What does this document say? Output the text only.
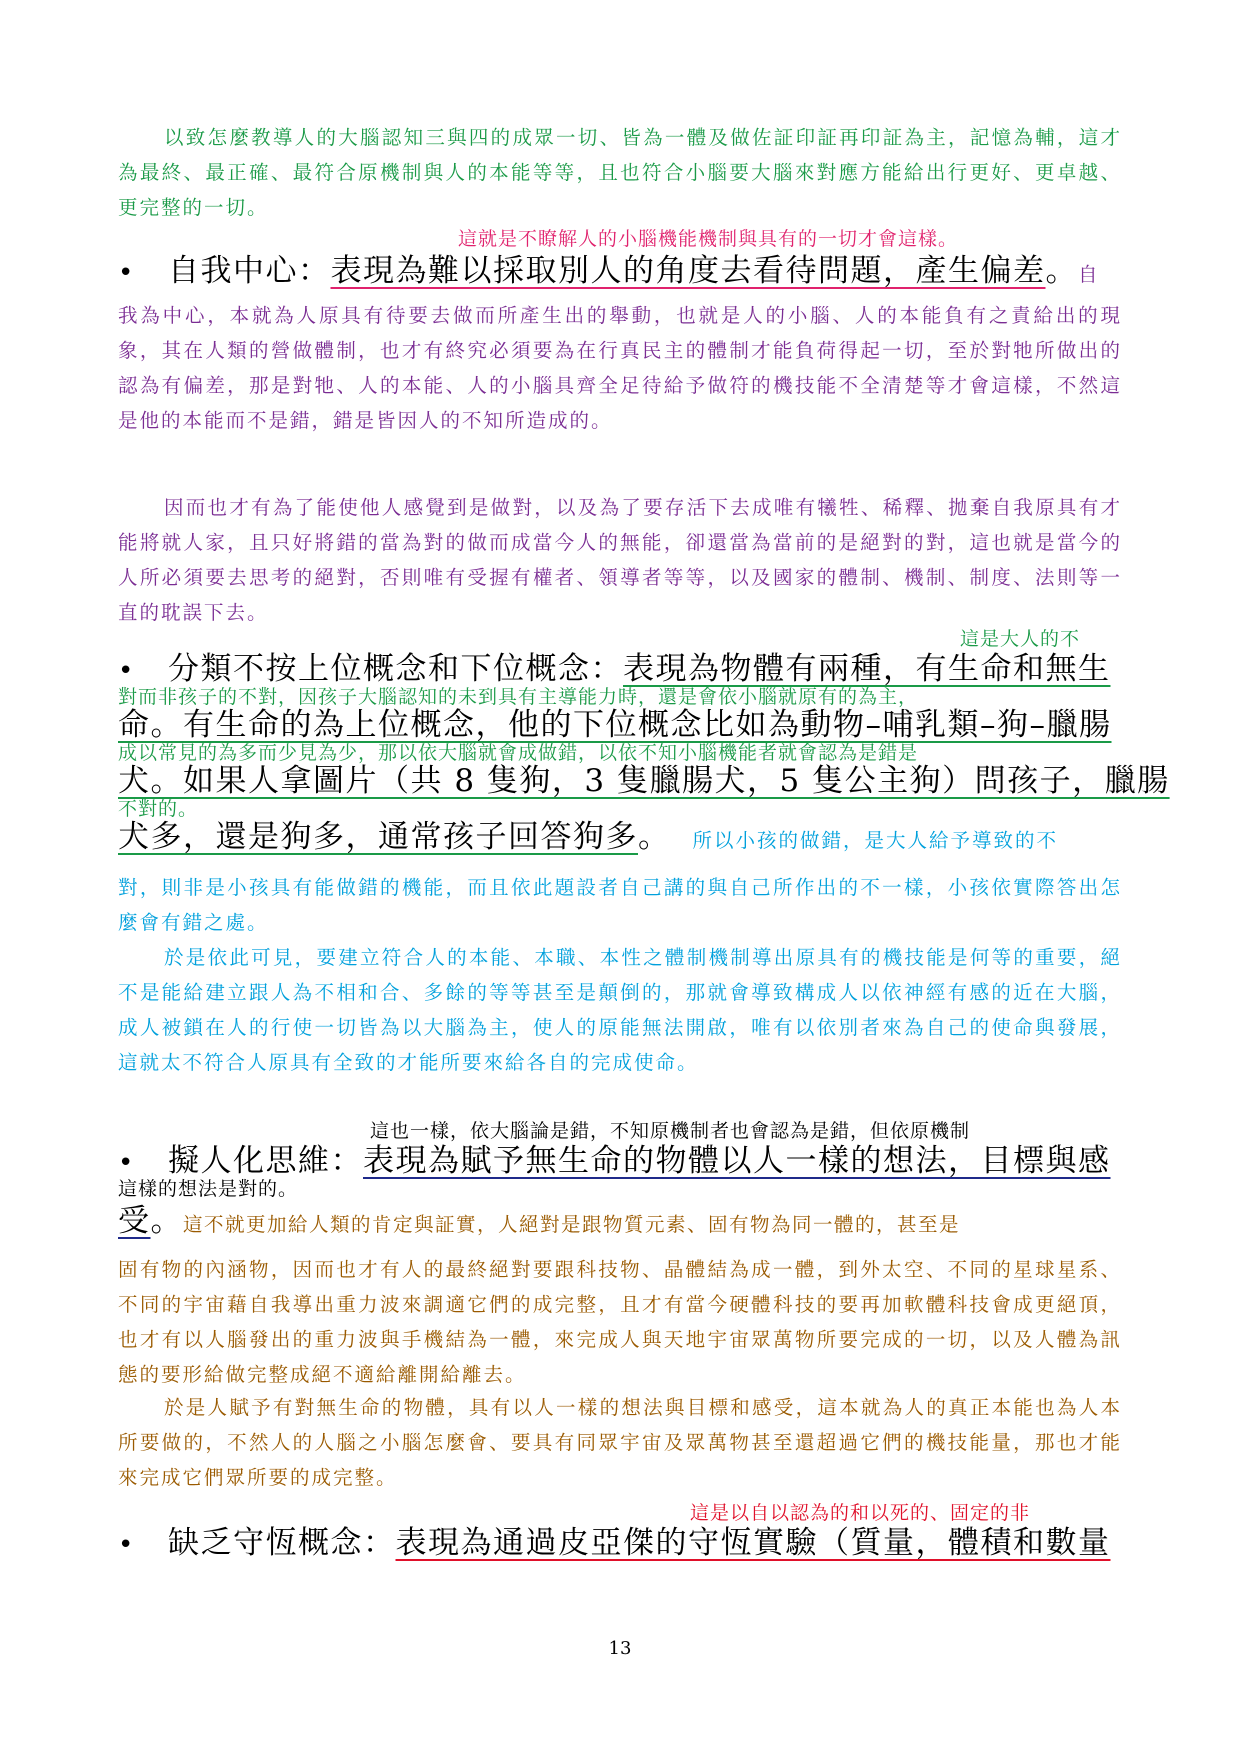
以致怎麼教導人的大腦認知三與四的成眾一切、皆為一體及做佐証印証再印証為主，記憶為輔，這才為最終、最正確、最符合原機制與人的本能等等，且也符合小腦要大腦來對應方能給出行更好、更卓越、更完整的一切。

這就是不瞭解人的小腦機能機制與具有的一切才會這樣。
• 自我中心：表現為難以採取別人的角度去看待問題，產生偏差。自

我為中心，本就為人原具有待要去做而所產生出的舉動，也就是人的小腦、人的本能負有之責給出的現象，其在人類的營做體制，也才有終究必須要為在行真民主的體制才能負荷得起一切，至於對牠所做出的認為有偏差，那是對牠、人的本能、人的小腦具齊全足待給予做符的機技能不全清楚等才會這樣，不然這是他的本能而不是錯，錯是皆因人的不知所造成的。

因而也才有為了能使他人感覺到是做對，以及為了要存活下去成唯有犧牲、稀釋、拋棄自我原具有才能將就人家，且只好將錯的當為對的做而成當今人的無能，卻還當為當前的是絕對的對，這也就是當今的人所必須要去思考的絕對，否則唯有受握有權者、領導者等等，以及國家的體制、機制、制度、法則等一直的耽誤下去。

這是大人的不
• 分類不按上位概念和下位概念：表現為物體有兩種，有生命和無生
對而非孩子的不對，因孩子大腦認知的未到具有主導能力時，還是會依小腦就原有的為主，
命。有生命的為上位概念，他的下位概念比如為動物–哺乳類–狗–臘腸
成以常見的為多而少見為少，那以依大腦就會成做錯，以依不知小腦機能者就會認為是錯是
犬。如果人拿圖片（共 8 隻狗，3 隻臘腸犬，5 隻公主狗）問孩子，臘腸
不對的。
犬多，還是狗多，通常孩子回答狗多。 所以小孩的做錯，是大人給予導致的不

對，則非是小孩具有能做錯的機能，而且依此題設者自己講的與自己所作出的不一樣，小孩依實際答出怎麼會有錯之處。

於是依此可見，要建立符合人的本能、本職、本性之體制機制導出原具有的機技能是何等的重要，絕不是能給建立跟人為不相和合、多餘的等等甚至是顛倒的，那就會導致構成人以依神經有感的近在大腦，成人被鎖在人的行使一切皆為以大腦為主，使人的原能無法開啟，唯有以依別者來為自己的使命與發展，這就太不符合人原具有全致的才能所要來給各自的完成使命。

這也一樣，依大腦論是錯，不知原機制者也會認為是錯，但依原機制
• 擬人化思維：表現為賦予無生命的物體以人一樣的想法，目標與感
這樣的想法是對的。
受。這不就更加給人類的肯定與証實，人絕對是跟物質元素、固有物為同一體的，甚至是

固有物的內涵物，因而也才有人的最終絕對要跟科技物、晶體結為成一體，到外太空、不同的星球星系、不同的宇宙藉自我導出重力波來調適它們的成完整，且才有當今硬體科技的要再加軟體科技會成更絕頂，也才有以人腦發出的重力波與手機結為一體，來完成人與天地宇宙眾萬物所要完成的一切，以及人體為訊態的要形給做完整成絕不適給離開給離去。

於是人賦予有對無生命的物體，具有以人一樣的想法與目標和感受，這本就為人的真正本能也為人本所要做的，不然人的人腦之小腦怎麼會、要具有同眾宇宙及眾萬物甚至還超過它們的機技能量，那也才能來完成它們眾所要的成完整。

這是以自以認為的和以死的、固定的非
• 缺乏守恆概念：表現為通過皮亞傑的守恆實驗（質量，體積和數量
13
